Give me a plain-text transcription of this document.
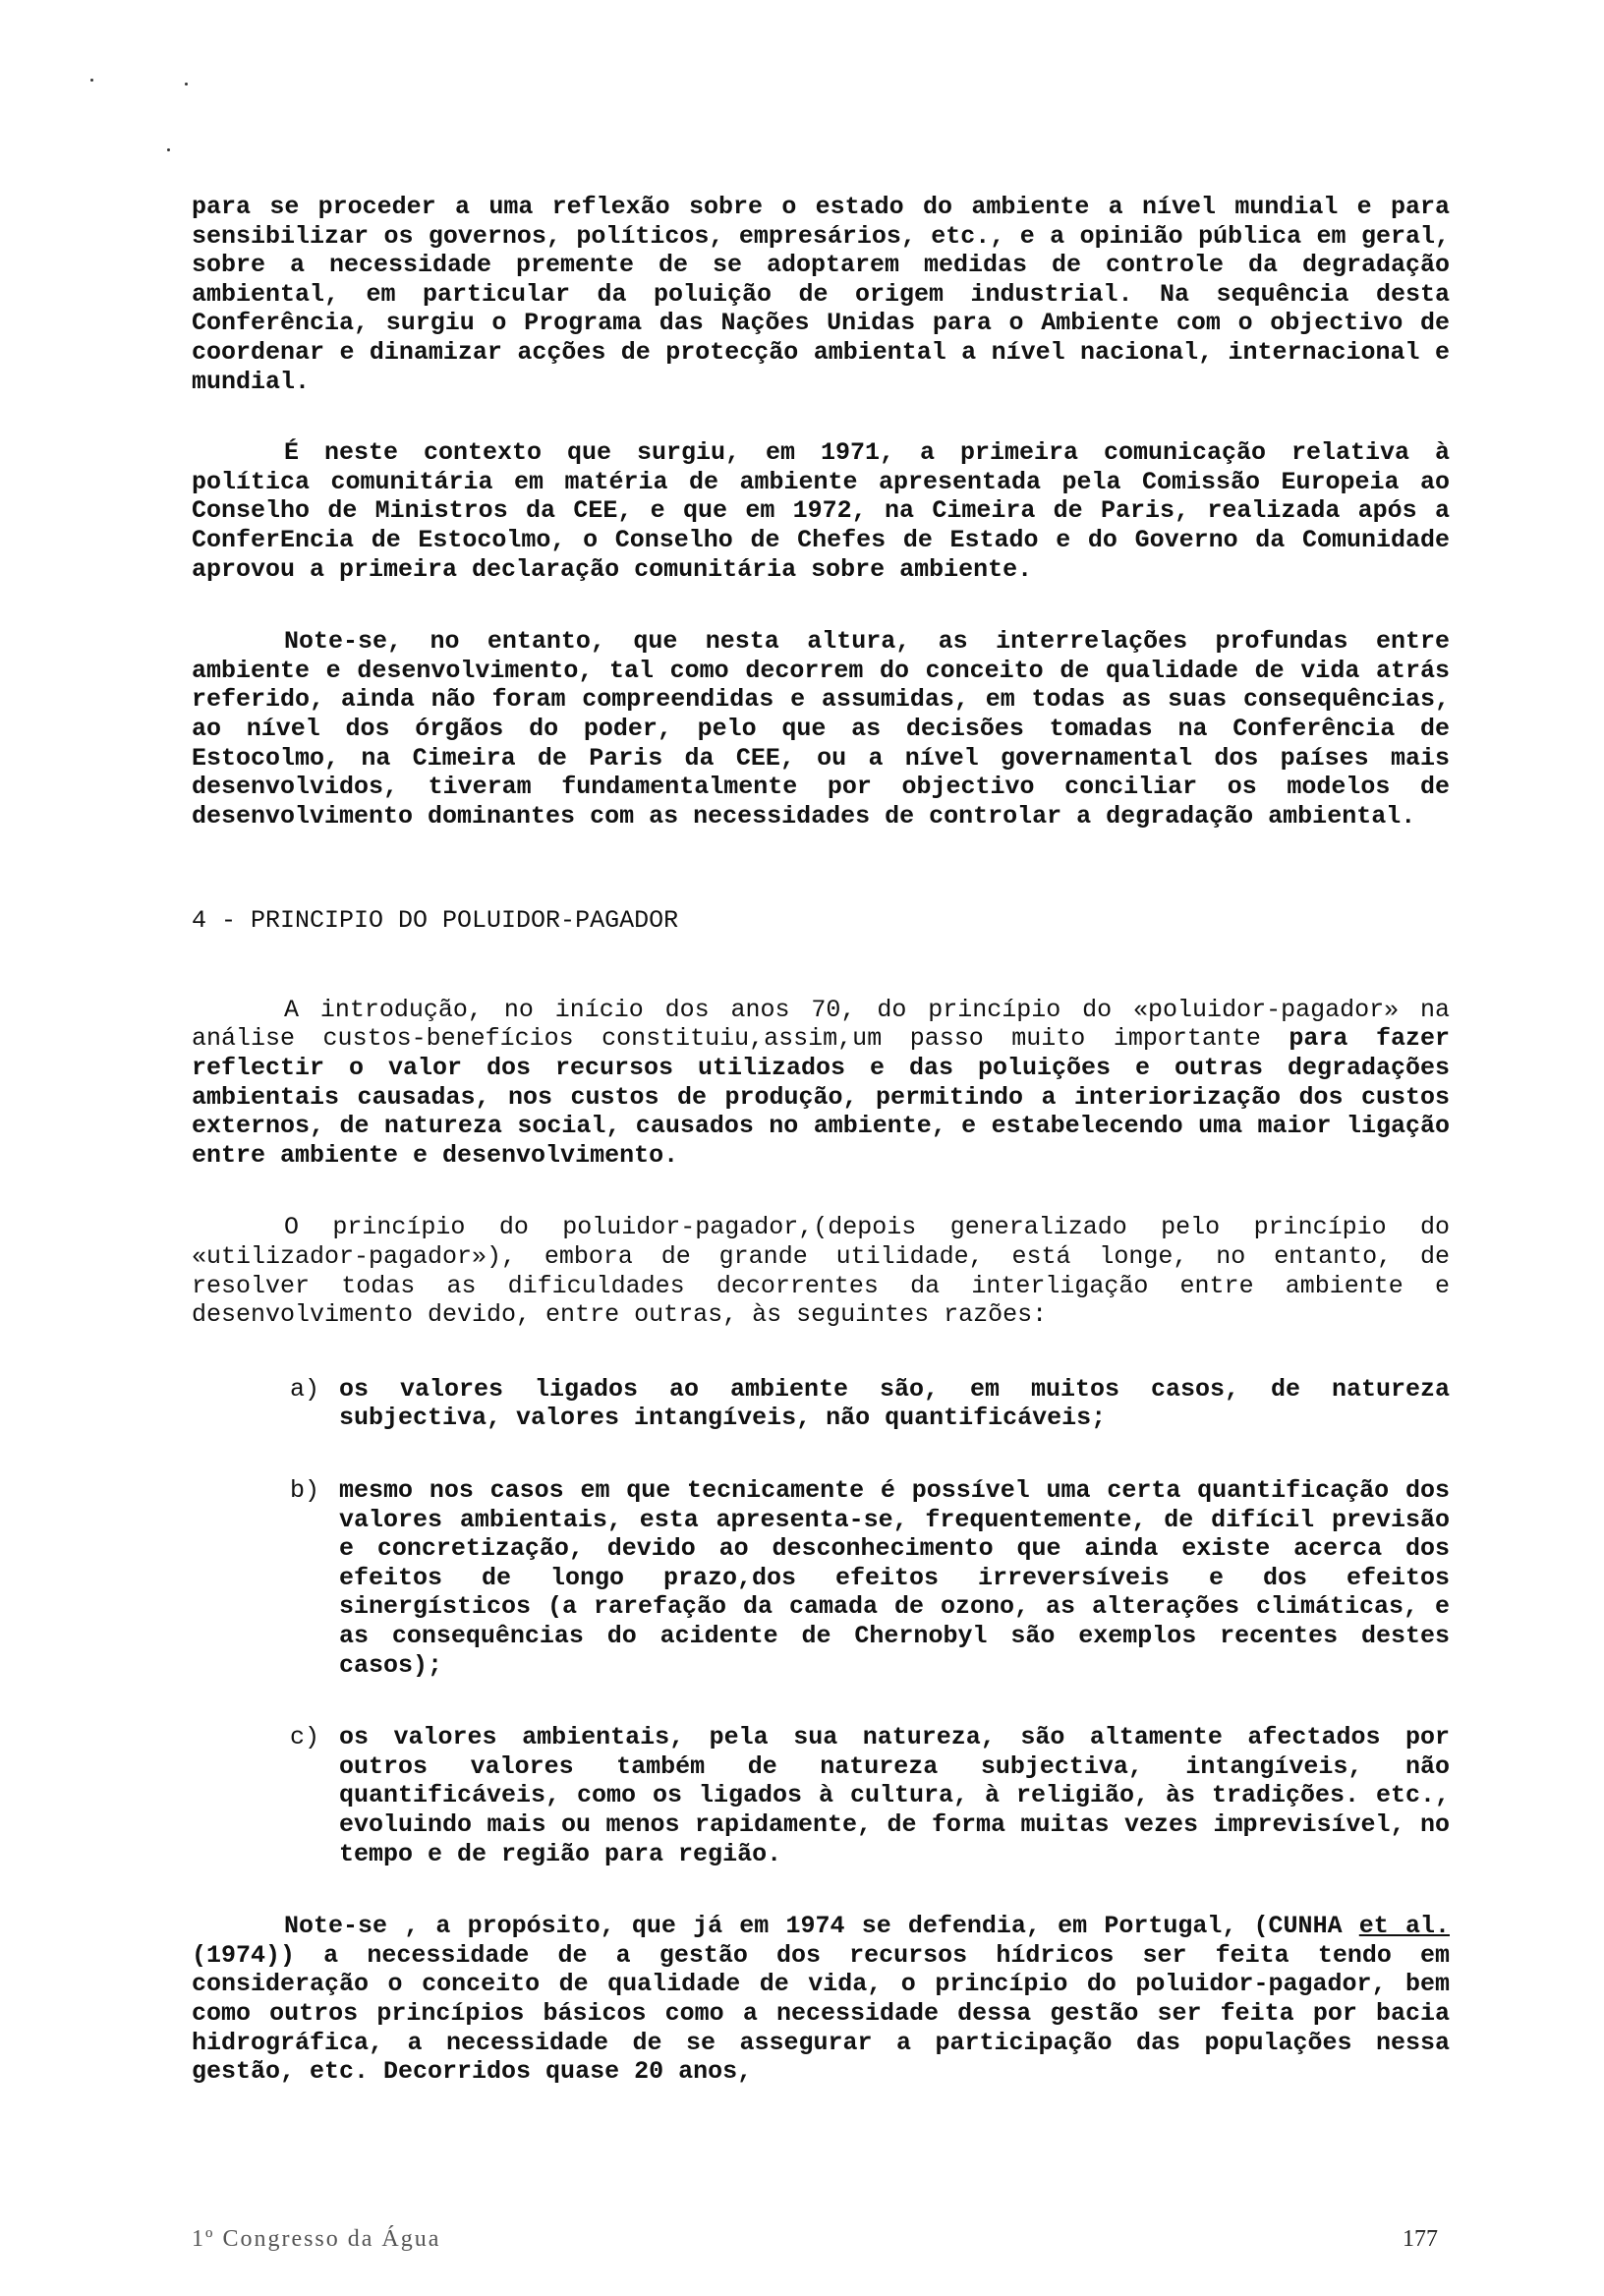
para se proceder a uma reflexão sobre o estado do ambiente a nível mundial e para sensibilizar os governos, políticos, empresários, etc., e a opinião pública em geral, sobre a necessidade premente de se adoptarem medidas de controle da degradação ambiental, em particular da poluição de origem industrial. Na sequência desta Conferência, surgiu o Programa das Nações Unidas para o Ambiente com o objectivo de coordenar e dinamizar acções de protecção ambiental a nível nacional, internacional e mundial.

É neste contexto que surgiu, em 1971, a primeira comunicação relativa à política comunitária em matéria de ambiente apresentada pela Comissão Europeia ao Conselho de Ministros da CEE, e que em 1972, na Cimeira de Paris, realizada após a ConferEncia de Estocolmo, o Conselho de Chefes de Estado e do Governo da Comunidade aprovou a primeira declaração comunitária sobre ambiente.

Note-se, no entanto, que nesta altura, as interrelações profundas entre ambiente e desenvolvimento, tal como decorrem do conceito de qualidade de vida atrás referido, ainda não foram compreendidas e assumidas, em todas as suas consequências, ao nível dos órgãos do poder, pelo que as decisões tomadas na Conferência de Estocolmo, na Cimeira de Paris da CEE, ou a nível governamental dos países mais desenvolvidos, tiveram fundamentalmente por objectivo conciliar os modelos de desenvolvimento dominantes com as necessidades de controlar a degradação ambiental.

4 - PRINCIPIO DO POLUIDOR-PAGADOR

A introdução, no início dos anos 70, do princípio do «poluidor-pagador» na análise custos-benefícios constituiu,assim,um passo muito importante para fazer reflectir o valor dos recursos utilizados e das poluições e outras degradações ambientais causadas, nos custos de produção, permitindo a interiorização dos custos externos, de natureza social, causados no ambiente, e estabelecendo uma maior ligação entre ambiente e desenvolvimento.

O princípio do poluidor-pagador,(depois generalizado pelo princípio do «utilizador-pagador»), embora de grande utilidade, está longe, no entanto, de resolver todas as dificuldades decorrentes da interligação entre ambiente e desenvolvimento devido, entre outras, às seguintes razões:

a) os valores ligados ao ambiente são, em muitos casos, de natureza subjectiva, valores intangíveis, não quantificáveis;
b) mesmo nos casos em que tecnicamente é possível uma certa quantificação dos valores ambientais, esta apresenta-se, frequentemente, de difícil previsão e concretização, devido ao desconhecimento que ainda existe acerca dos efeitos de longo prazo,dos efeitos irreversíveis e dos efeitos sinergísticos (a rarefação da camada de ozono, as alterações climáticas, e as consequências do acidente de Chernobyl são exemplos recentes destes casos);
c) os valores ambientais, pela sua natureza, são altamente afectados por outros valores também de natureza subjectiva, intangíveis, não quantificáveis, como os ligados à cultura, à religião, às tradições. etc., evoluindo mais ou menos rapidamente, de forma muitas vezes imprevisível, no tempo e de região para região.

Note-se , a propósito, que já em 1974 se defendia, em Portugal, (CUNHA et al. (1974)) a necessidade de a gestão dos recursos hídricos ser feita tendo em consideração o conceito de qualidade de vida, o princípio do poluidor-pagador, bem como outros princípios básicos como a necessidade dessa gestão ser feita por bacia hidrográfica, a necessidade de se assegurar a participação das populações nessa gestão, etc. Decorridos quase 20 anos,

1º Congresso da Água	177
